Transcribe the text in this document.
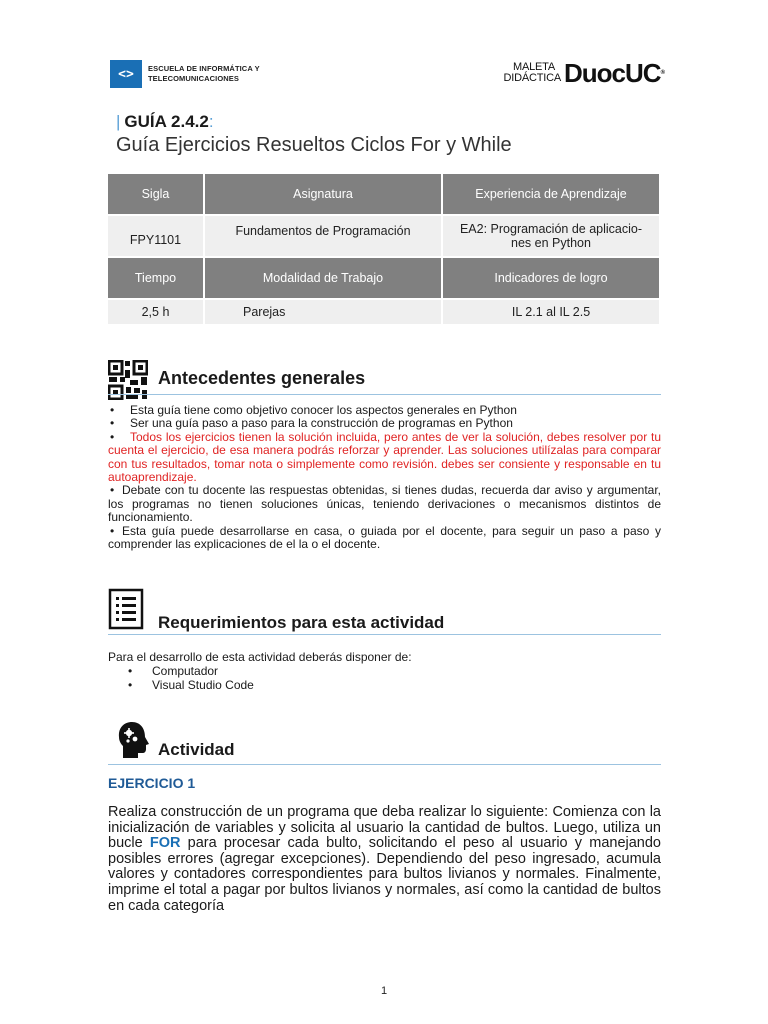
<>	ESCUELA DE INFORMÁTICA Y
TELECOMUNICACIONES
MALETA
DIDÁCTICA DuocUC®
| GUÍA 2.4.2:
Guía Ejercicios Resueltos Ciclos For y While
Sigla	Asignatura	Experiencia de Aprendizaje
FPY1101	Fundamentos de Programación	EA2: Programación de aplicacio-
nes en Python

Tiempo	Modalidad de Trabajo	Indicadores de logro
2,5 h	Parejas	IL 2.1 al IL 2.5
Antecedentes generales

• Esta guía tiene como objetivo conocer los aspectos generales en Python

• Ser una guía paso a paso para la construcción de programas en Python

• Todos los ejercicios tienen la solución incluida, pero antes de ver la solución, debes resolver por tu cuenta el ejercicio, de esa manera podrás reforzar y aprender. Las soluciones utilízalas para comparar con tus resultados, tomar nota o simplemente como revisión. debes ser consiente y responsable en tu autoaprendizaje.

• Debate con tu docente las respuestas obtenidas, si tienes dudas, recuerda dar aviso y argumentar, los programas no tienen soluciones únicas, teniendo derivaciones o mecanismos distintos de funcionamiento.

• Esta guía puede desarrollarse en casa, o guiada por el docente, para seguir un paso a paso y comprender las explicaciones de el la o el docente.

Requerimientos para esta actividad
Para el desarrollo de esta actividad deberás disponer de:
• Computador
• Visual Studio Code
Actividad
EJERCICIO 1
Realiza construcción de un programa que deba realizar lo siguiente: Comienza con la inicialización de variables y solicita al usuario la cantidad de bultos. Luego, utiliza un bucle FOR para procesar cada bulto, solicitando el peso al usuario y manejando posibles errores (agregar excepciones). Dependiendo del peso ingresado, acumula valores y contadores correspondientes para bultos livianos y normales. Finalmente, imprime el total a pagar por bultos livianos y normales, así como la cantidad de bultos en cada categoría
1
